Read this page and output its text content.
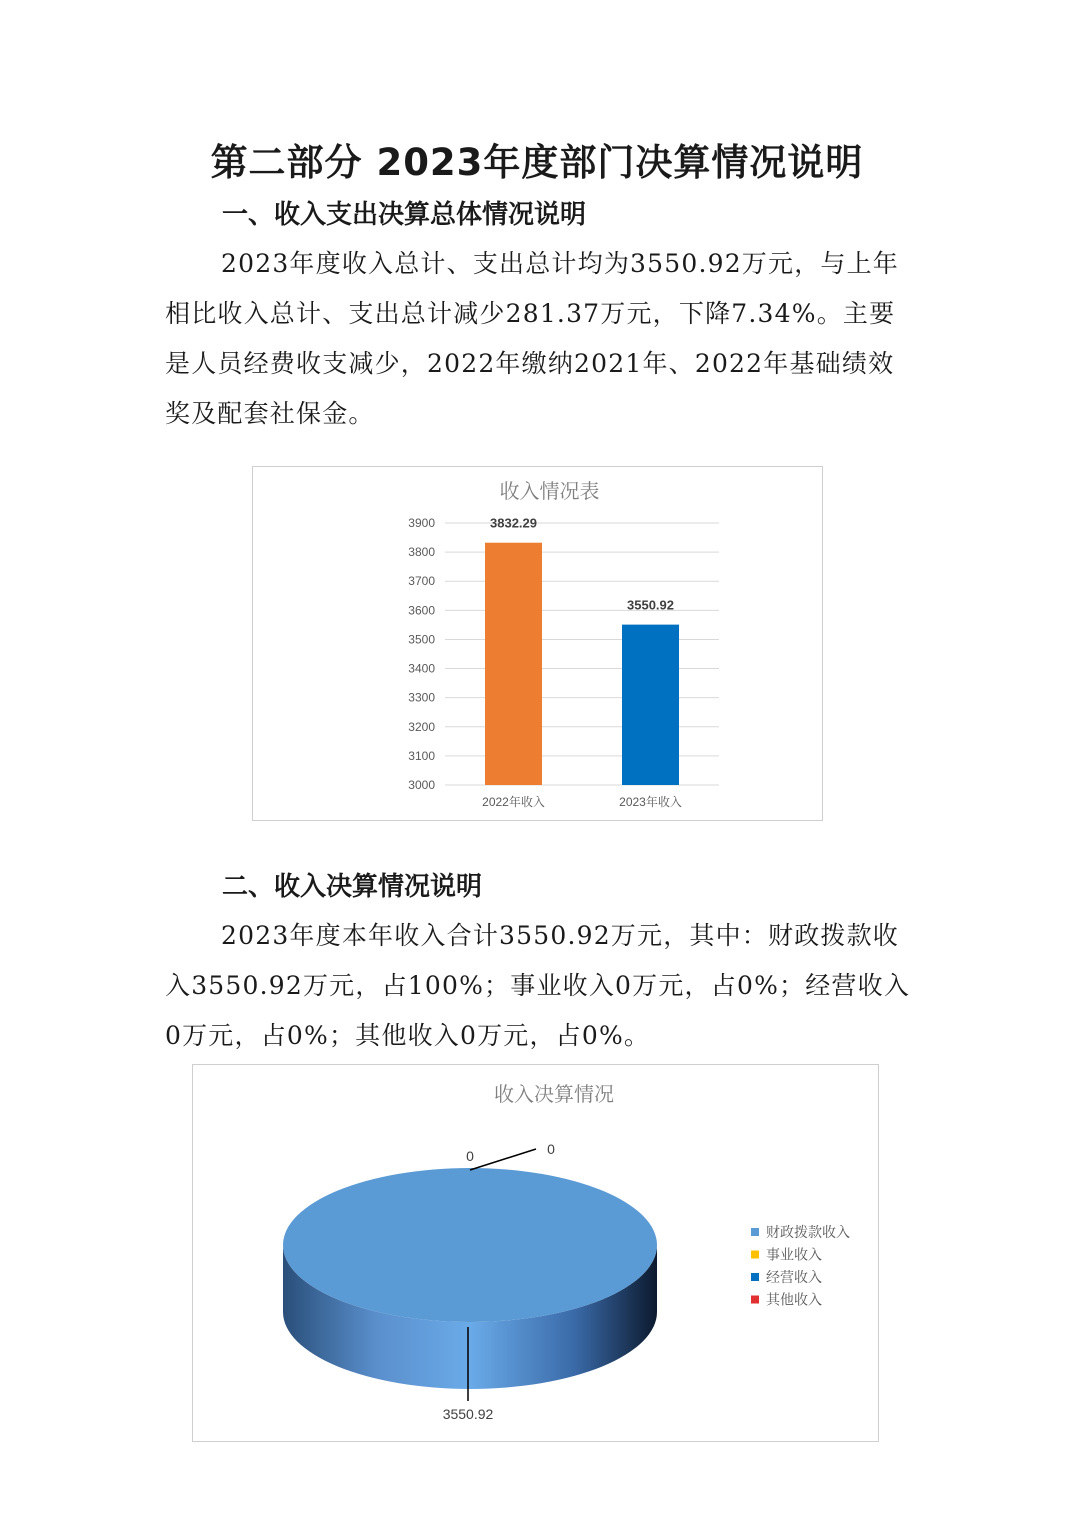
第二部分 2023年度部门决算情况说明
一、收入支出决算总体情况说明

2023年度收入总计、支出总计均为3550.92万元，与上年相比收入总计、支出总计减少281.37万元，下降7.34%。主要是人员经费收支减少，2022年缴纳2021年、2022年基础绩效奖及配套社保金。

收入情况表
3000
3100
3200
3300
3400
3500
3600
3700
3800
3900	3832.29
2022年收入
3550.92
2023年收入
二、收入决算情况说明

2023年度本年收入合计3550.92万元，其中：财政拨款收入3550.92万元，占100%；事业收入0万元，占0%；经营收入0万元，占0%；其他收入0万元，占0%。

收入决算情况
3550.92
0	0
财政拨款收入
事业收入
经营收入
其他收入
